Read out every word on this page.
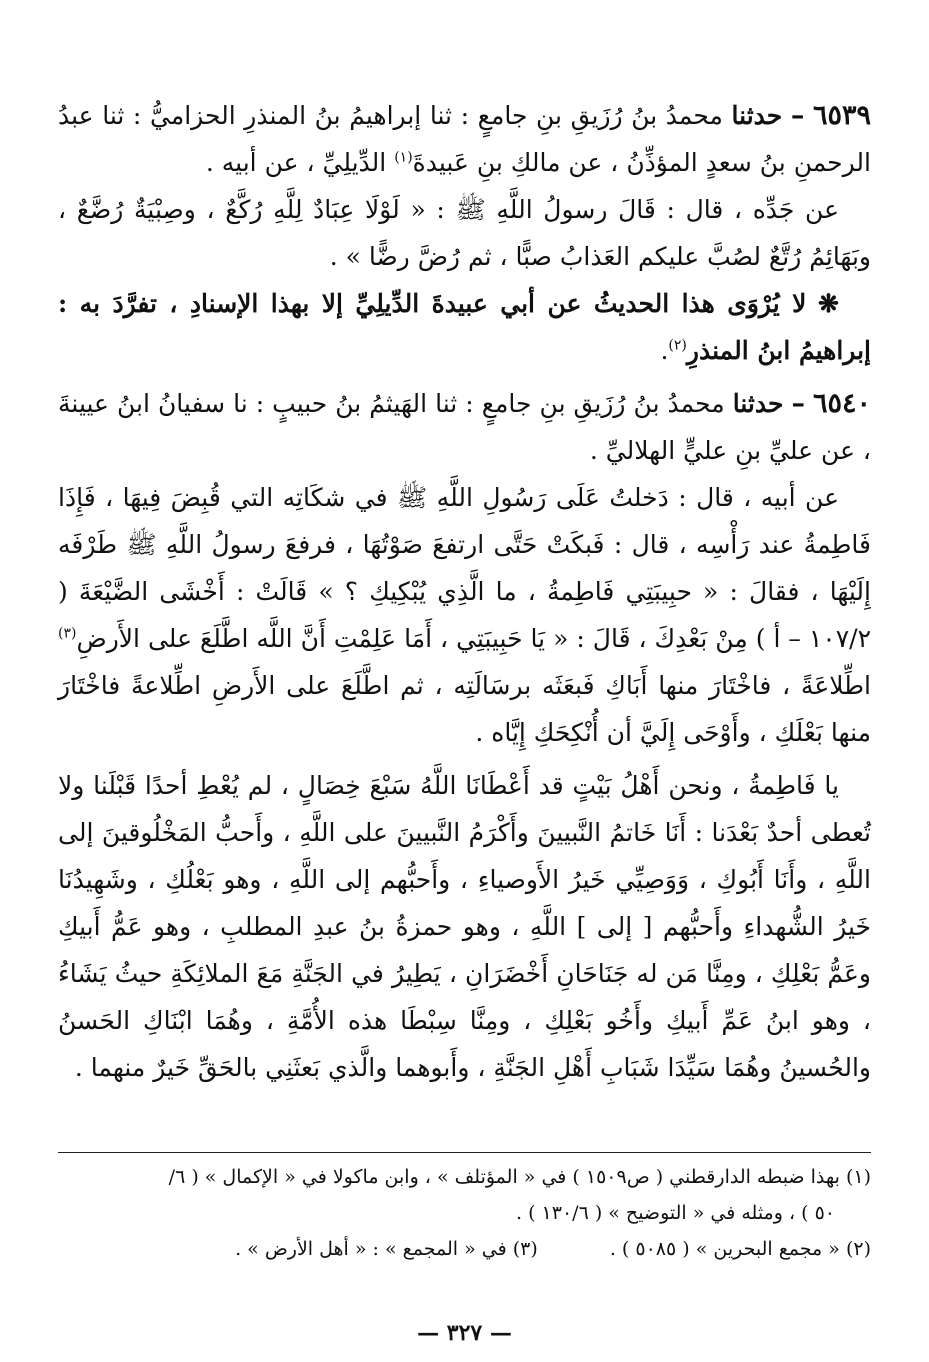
٦٥٣٩ – حدثنا محمدُ بنُ رُزَيقِ بنِ جامعٍ : ثنا إبراهيمُ بنُ المنذرِ الحزاميُّ : ثنا عبدُ الرحمنِ بنُ سعدٍ المؤذِّنُ ، عن مالكِ بنِ عَبيدةَ$^{(١)}$ الدِّيلِيِّ ، عن أبيه .

عن جَدِّه ، قال : قَالَ رسولُ اللَّهِ ﷺ : « لَوْلَا عِبَادٌ لِلَّهِ رُكَّعٌ ، وصِبْيَةٌ رُضَّعٌ ، وبَهَائِمُ رُتَّعٌ لصُبَّ عليكم العَذابُ صبًّا ، ثم رُضَّ رضًّا » .

❋ لا يُرْوَى هذا الحديثُ عن أبي عبيدةَ الدِّيلِيِّ إلا بهذا الإسنادِ ، تفرَّدَ به : إبراهيمُ ابنُ المنذرِ$^{(٢)}$.

٦٥٤٠ – حدثنا محمدُ بنُ رُزَيقِ بنِ جامعٍ : ثنا الهَيثمُ بنُ حبيبٍ : نا سفيانُ ابنُ عيينةَ ، عن عليِّ بنِ عليٍّ الهلاليِّ .

عن أبيه ، قال : دَخلتُ عَلَى رَسُولِ اللَّهِ ﷺ في شكَاتِه التي قُبِضَ فِيهَا ، فَإِذَا فَاطِمةُ عند رَأْسِه ، قال : فَبكَتْ حَتَّى ارتفعَ صَوْتُهَا ، فرفعَ رسولُ اللَّهِ ﷺ طَرْفَه إِلَيْهَا ، فقالَ : « حبِيبَتِي فَاطِمةُ ، ما الَّذِي يُبْكِيكِ ؟ » قَالَتْ : أَخْشَى الضَّيْعَةَ ( ١٠٧/٢ – أ ) مِنْ بَعْدِكَ ، قَالَ : « يَا حَبِيبَتِي ، أَمَا عَلِمْتِ أَنَّ اللَّه اطَّلَعَ على الأَرضِ$^{(٣)}$ اطِّلاعَةً ، فاخْتَارَ منها أَبَاكِ فَبعَثَه برسَالَتِه ، ثم اطَّلَعَ على الأَرضِ اطِّلاعةً فاخْتَارَ منها بَعْلَكِ ، وأَوْحَى إِلَيَّ أن أُنْكِحَكِ إِيَّاه .

يا فَاطِمةُ ، ونحن أَهْلُ بَيْتٍ قد أَعْطَانَا اللَّهُ سَبْعَ خِصَالٍ ، لم يُعْطِ أحدًا قَبْلَنا ولا تُعطى أحدٌ بَعْدَنا : أَنَا خَاتمُ النَّبيينَ وأَكْرَمُ النَّبيينَ على اللَّهِ ، وأَحبُّ المَخْلُوقينَ إلى اللَّهِ ، وأَنَا أَبُوكِ ، وَوَصِيِّي خَيرُ الأَوصياءِ ، وأَحبُّهم إلى اللَّهِ ، وهو بَعْلُكِ ، وشَهِيدُنَا خَيرُ الشُّهداءِ وأَحبُّهم [ إلى ] اللَّهِ ، وهو حمزةُ بنُ عبدِ المطلبِ ، وهو عَمُّ أَبيكِ وعَمُّ بَعْلِكِ ، ومِنَّا مَن له جَنَاحَانِ أَخْضَرَانِ ، يَطِيرُ في الجَنَّةِ مَعَ الملائِكَةِ حيثُ يَشَاءُ ، وهو ابنُ عَمِّ أَبيكِ وأَخُو بَعْلِكِ ، ومِنَّا سِبْطَا هذه الأُمَّةِ ، وهُمَا ابْنَاكِ الحَسنُ والحُسينُ وهُمَا سَيِّدَا شَبَابِ أَهْلِ الجَنَّةِ ، وأَبوهما والَّذي بَعثَنِي بالحَقِّ خَيرٌ منهما .

(١) بهذا ضبطه الدارقطني ( ص١٥٠٩ ) في « المؤتلف » ، وابن ماكولا في « الإكمال » ( ٦/

٥٠ ) ، ومثله في « التوضيح » ( ١٣٠/٦ ) .

(٢) « مجمع البحرين » ( ٥٠٨٥ ) .  (٣) في « المجمع » : « أهل الأرض » .

— ٣٢٧ —
